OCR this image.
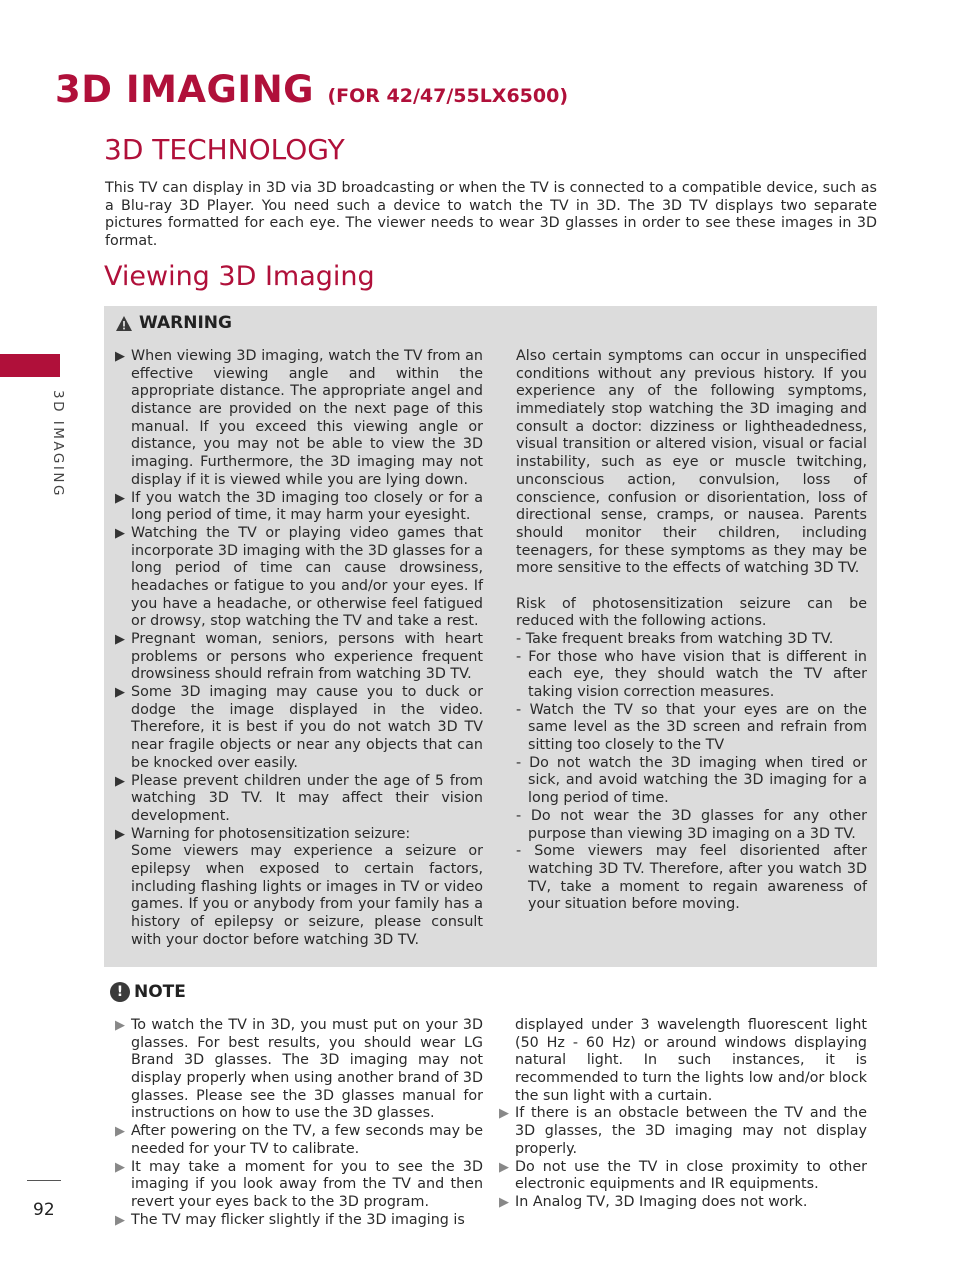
3D IMAGING (FOR 42/47/55LX6500)
3D TECHNOLOGY

This TV can display in 3D via 3D broadcasting or when the TV is connected to a compatible device, such as a Blu-ray 3D Player. You need such a device to watch the TV in 3D. The 3D TV displays two separate pictures formatted for each eye. The viewer needs to wear 3D glasses in order to see these images in 3D format.

Viewing 3D Imaging
3D IMAGING
WARNING

▶ When viewing 3D imaging, watch the TV from an effective viewing angle and within the appropriate distance. The appropriate angel and distance are provided on the next page of this manual. If you exceed this viewing angle or distance, you may not be able to view the 3D imaging. Furthermore, the 3D imaging may not display if it is viewed while you are lying down.

▶ If you watch the 3D imaging too closely or for a long period of time, it may harm your eyesight.

▶ Watching the TV or playing video games that incorporate 3D imaging with the 3D glasses for a long period of time can cause drowsiness, headaches or fatigue to you and/or your eyes. If you have a headache, or otherwise feel fatigued or drowsy, stop watching the TV and take a rest.

▶ Pregnant woman, seniors, persons with heart problems or persons who experience frequent drowsiness should refrain from watching 3D TV.

▶ Some 3D imaging may cause you to duck or dodge the image displayed in the video. Therefore, it is best if you do not watch 3D TV near fragile objects or near any objects that can be knocked over easily.

▶ Please prevent children under the age of 5 from watching 3D TV. It may affect their vision development.

▶ Warning for photosensitization seizure:

Some viewers may experience a seizure or epilepsy when exposed to certain factors, including flashing lights or images in TV or video games. If you or anybody from your family has a history of epilepsy or seizure, please consult with your doctor before watching 3D TV.

Also certain symptoms can occur in unspecified conditions without any previous history. If you experience any of the following symptoms, immediately stop watching the 3D imaging and consult a doctor: dizziness or lightheadedness, visual transition or altered vision, visual or facial instability, such as eye or muscle twitching, unconscious action, convulsion, loss of conscience, confusion or disorientation, loss of directional sense, cramps, or nausea. Parents should monitor their children, including teenagers, for these symptoms as they may be more sensitive to the effects of watching 3D TV.

Risk of photosensitization seizure can be reduced with the following actions.

- Take frequent breaks from watching 3D TV.

- For those who have vision that is different in each eye, they should watch the TV after taking vision correction measures.

- Watch the TV so that your eyes are on the same level as the 3D screen and refrain from sitting too closely to the TV

- Do not watch the 3D imaging when tired or sick, and avoid watching the 3D imaging for a long period of time.

- Do not wear the 3D glasses for any other purpose than viewing 3D imaging on a 3D TV.

- Some viewers may feel disoriented after watching 3D TV. Therefore, after you watch 3D TV, take a moment to regain awareness of your situation before moving.

! NOTE

▶ To watch the TV in 3D, you must put on your 3D glasses. For best results, you should wear LG Brand 3D glasses. The 3D imaging may not display properly when using another brand of 3D glasses. Please see the 3D glasses manual for instructions on how to use the 3D glasses.

▶ After powering on the TV, a few seconds may be needed for your TV to calibrate.

▶ It may take a moment for you to see the 3D imaging if you look away from the TV and then revert your eyes back to the 3D program.

▶ The TV may flicker slightly if the 3D imaging is

displayed under 3 wavelength fluorescent light (50 Hz - 60 Hz) or around windows displaying natural light. In such instances, it is recommended to turn the lights low and/or block the sun light with a curtain.

▶ If there is an obstacle between the TV and the 3D glasses, the 3D imaging may not display properly.

▶ Do not use the TV in close proximity to other electronic equipments and IR equipments.

▶ In Analog TV, 3D Imaging does not work.

92
